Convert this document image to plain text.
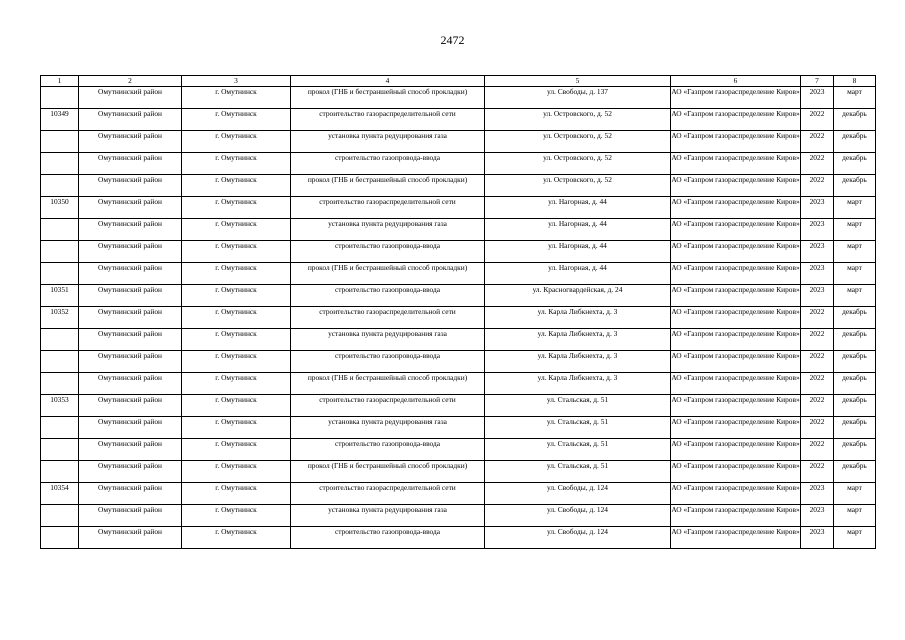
2472
1	2	3	4	5	6	7	8
	Омутнинский район	г. Омутнинск	прокол (ГНБ и бестраншейный способ прокладки)	ул. Свободы, д. 137	АО «Газпром газораспределение Киров»	2023	март
10349	Омутнинский район	г. Омутнинск	строительство газораспределительной сети	ул. Островского, д. 52	АО «Газпром газораспределение Киров»	2022	декабрь
	Омутнинский район	г. Омутнинск	установка пункта редуцирования газа	ул. Островского, д. 52	АО «Газпром газораспределение Киров»	2022	декабрь
	Омутнинский район	г. Омутнинск	строительство газопровода-ввода	ул. Островского, д. 52	АО «Газпром газораспределение Киров»	2022	декабрь
	Омутнинский район	г. Омутнинск	прокол (ГНБ и бестраншейный способ прокладки)	ул. Островского, д. 52	АО «Газпром газораспределение Киров»	2022	декабрь
10350	Омутнинский район	г. Омутнинск	строительство газораспределительной сети	ул. Нагорная, д. 44	АО «Газпром газораспределение Киров»	2023	март
	Омутнинский район	г. Омутнинск	установка пункта редуцирования газа	ул. Нагорная, д. 44	АО «Газпром газораспределение Киров»	2023	март
	Омутнинский район	г. Омутнинск	строительство газопровода-ввода	ул. Нагорная, д. 44	АО «Газпром газораспределение Киров»	2023	март
	Омутнинский район	г. Омутнинск	прокол (ГНБ и бестраншейный способ прокладки)	ул. Нагорная, д. 44	АО «Газпром газораспределение Киров»	2023	март
10351	Омутнинский район	г. Омутнинск	строительство газопровода-ввода	ул. Красногвардейская, д. 24	АО «Газпром газораспределение Киров»	2023	март
10352	Омутнинский район	г. Омутнинск	строительство газораспределительной сети	ул. Карла Либкнехта, д. 3	АО «Газпром газораспределение Киров»	2022	декабрь
	Омутнинский район	г. Омутнинск	установка пункта редуцирования газа	ул. Карла Либкнехта, д. 3	АО «Газпром газораспределение Киров»	2022	декабрь
	Омутнинский район	г. Омутнинск	строительство газопровода-ввода	ул. Карла Либкнехта, д. 3	АО «Газпром газораспределение Киров»	2022	декабрь
	Омутнинский район	г. Омутнинск	прокол (ГНБ и бестраншейный способ прокладки)	ул. Карла Либкнехта, д. 3	АО «Газпром газораспределение Киров»	2022	декабрь
10353	Омутнинский район	г. Омутнинск	строительство газораспределительной сети	ул. Стальская, д. 51	АО «Газпром газораспределение Киров»	2022	декабрь
	Омутнинский район	г. Омутнинск	установка пункта редуцирования газа	ул. Стальская, д. 51	АО «Газпром газораспределение Киров»	2022	декабрь
	Омутнинский район	г. Омутнинск	строительство газопровода-ввода	ул. Стальская, д. 51	АО «Газпром газораспределение Киров»	2022	декабрь
	Омутнинский район	г. Омутнинск	прокол (ГНБ и бестраншейный способ прокладки)	ул. Стальская, д. 51	АО «Газпром газораспределение Киров»	2022	декабрь
10354	Омутнинский район	г. Омутнинск	строительство газораспределительной сети	ул. Свободы, д. 124	АО «Газпром газораспределение Киров»	2023	март
	Омутнинский район	г. Омутнинск	установка пункта редуцирования газа	ул. Свободы, д. 124	АО «Газпром газораспределение Киров»	2023	март
	Омутнинский район	г. Омутнинск	строительство газопровода-ввода	ул. Свободы, д. 124	АО «Газпром газораспределение Киров»	2023	март
